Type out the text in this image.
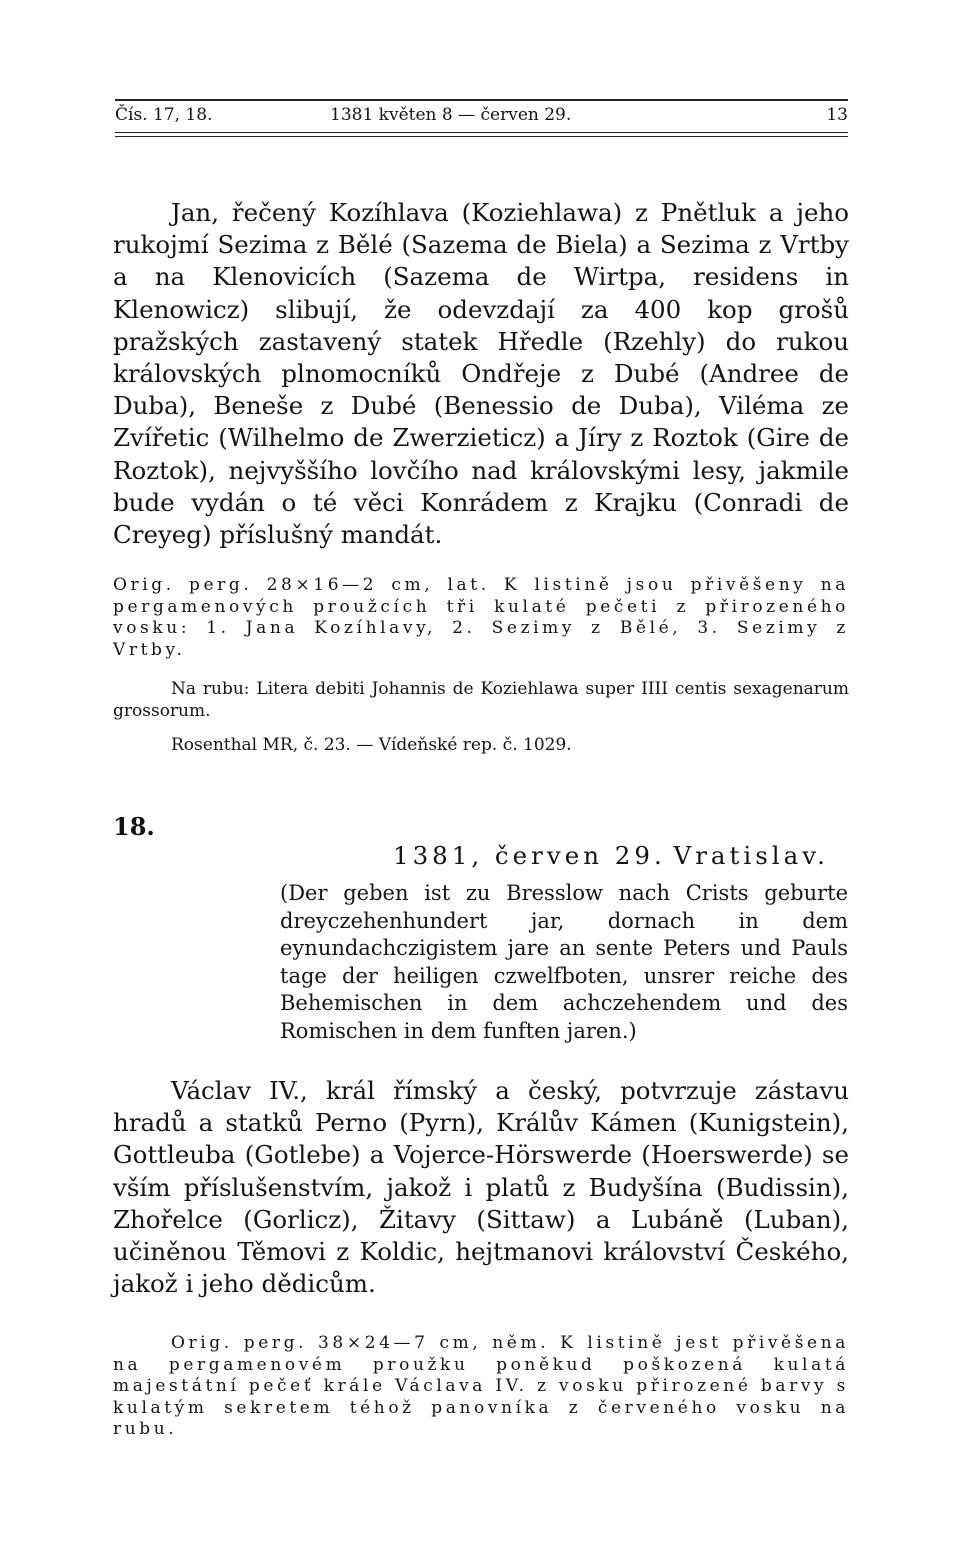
Čís. 17, 18.	1381 květen 8 — červen 29.	13

Jan, řečený Kozíhlava (Koziehlawa) z Pnětluk a jeho rukojmí Sezima z Bělé (Sazema de Biela) a Sezima z Vrtby a na Klenovicích (Sazema de Wirtpa, residens in Klenowicz) slibují, že odevzdají za 400 kop grošů pražských zastavený statek Hředle (Rzehly) do rukou královských plnomocníků Ondřeje z Dubé (Andree de Duba), Beneše z Dubé (Benessio de Duba), Viléma ze Zvířetic (Wilhelmo de Zwerzieticz) a Jíry z Roztok (Gire de Roztok), nejvyššího lovčího nad královskými lesy, jakmile bude vydán o té věci Konrádem z Krajku (Conradi de Creyeg) příslušný mandát.

Orig. perg. 28×16—2 cm, lat. K listině jsou přivěšeny na pergamenových proužcích tři kulaté pečeti z přirozeného vosku: 1. Jana Kozíhlavy, 2. Sezimy z Bělé, 3. Sezimy z Vrtby.

Na rubu: Litera debiti Johannis de Koziehlawa super IIII centis sexagenarum grossorum.

Rosenthal MR, č. 23. — Vídeňské rep. č. 1029.

18.

1381, červen 29. Vratislav.

(Der geben ist zu Bresslow nach Crists geburte dreyczehenhundert jar, dornach in dem eynundachczigistem jare an sente Peters und Pauls tage der heiligen czwelfboten, unsrer reiche des Behemischen in dem achczehendem und des Romischen in dem funften jaren.)

Václav IV., král římský a český, potvrzuje zástavu hradů a statků Perno (Pyrn), Králův Kámen (Kunigstein), Gottleuba (Gotlebe) a Vojerce-Hörswerde (Hoerswerde) se vším příslušenstvím, jakož i platů z Budyšína (Budissin), Zhořelce (Gorlicz), Žitavy (Sittaw) a Lubáně (Luban), učiněnou Těmovi z Koldic, hejtmanovi království Českého, jakož i jeho dědicům.

Orig. perg. 38×24—7 cm, něm. K listině jest přivěšena na pergamenovém proužku poněkud poškozená kulatá majestátní pečeť krále Václava IV. z vosku přirozené barvy s kulatým sekretem téhož panovníka z červeného vosku na rubu.
